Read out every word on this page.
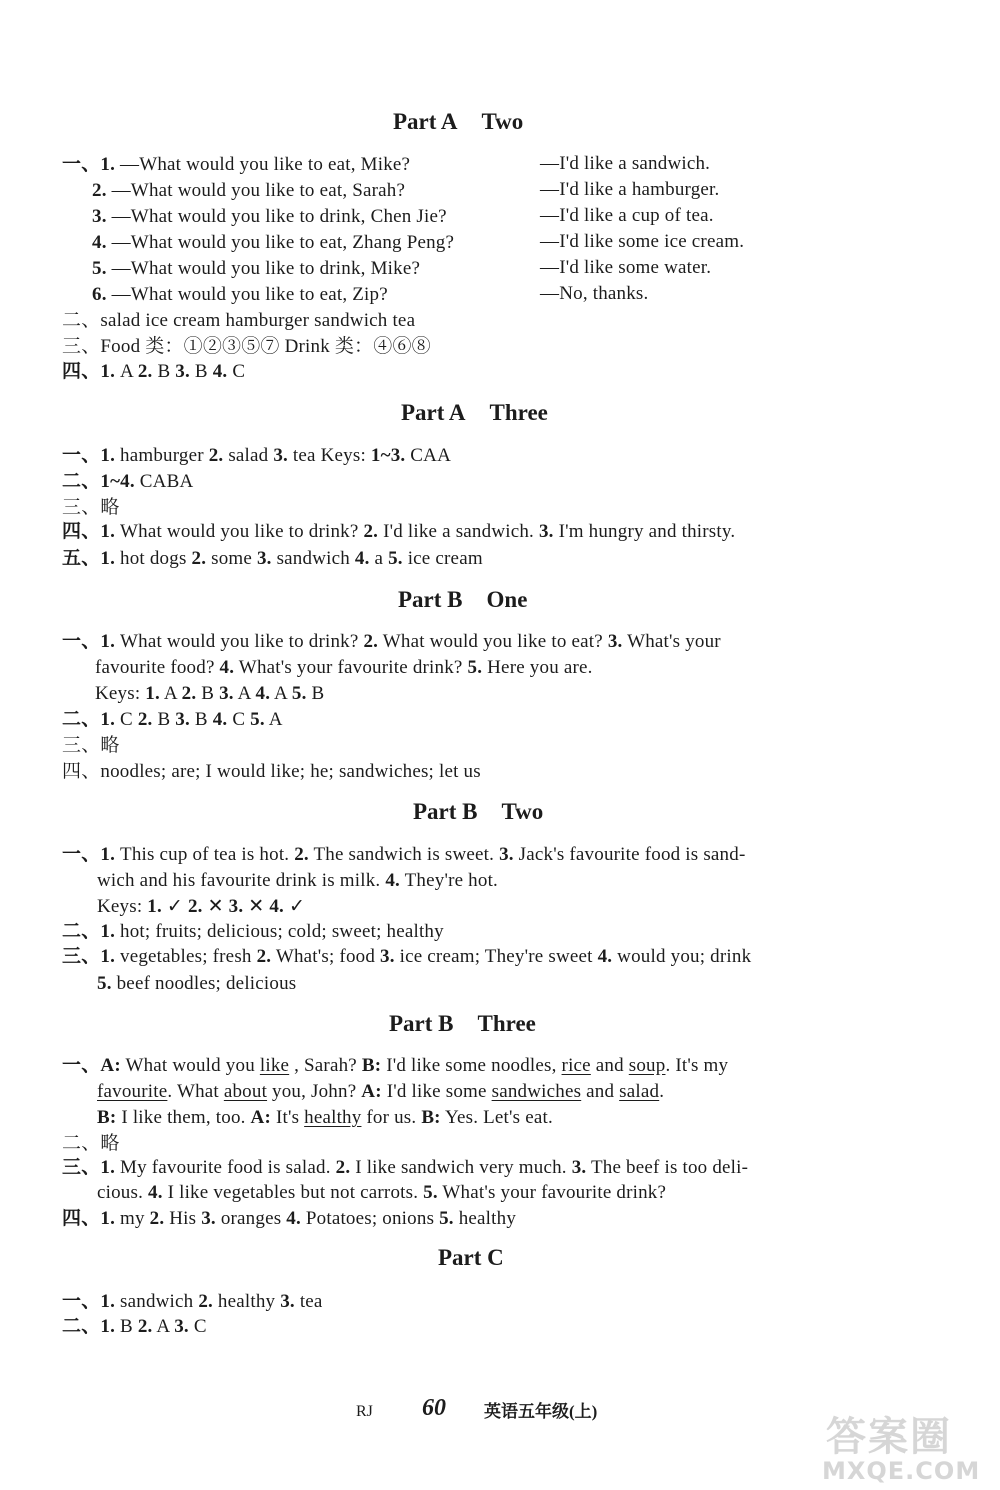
Part A Two
一、1. —What would you like to eat, Mike?	—I'd like a sandwich.
2. —What would you like to eat, Sarah?	—I'd like a hamburger.
3. —What would you like to drink, Chen Jie?	—I'd like a cup of tea.
4. —What would you like to eat, Zhang Peng?	—I'd like some ice cream.
5. —What would you like to drink, Mike?	—I'd like some water.
6. —What would you like to eat, Zip?	—No, thanks.
二、salad ice cream hamburger sandwich tea
三、Food 类：①②③⑤⑦ Drink 类：④⑥⑧
四、1. A 2. B 3. B 4. C
Part A Three
一、1. hamburger 2. salad 3. tea Keys: 1~3. CAA
二、1~4. CABA
三、略
四、1. What would you like to drink? 2. I'd like a sandwich. 3. I'm hungry and thirsty.
五、1. hot dogs 2. some 3. sandwich 4. a 5. ice cream
Part B One
一、1. What would you like to drink? 2. What would you like to eat? 3. What's your
favourite food? 4. What's your favourite drink? 5. Here you are.
Keys: 1. A 2. B 3. A 4. A 5. B
二、1. C 2. B 3. B 4. C 5. A
三、略
四、noodles; are; I would like; he; sandwiches; let us
Part B Two
一、1. This cup of tea is hot. 2. The sandwich is sweet. 3. Jack's favourite food is sand-
wich and his favourite drink is milk. 4. They're hot.
Keys: 1. ✓ 2. ✕ 3. ✕ 4. ✓
二、1. hot; fruits; delicious; cold; sweet; healthy
三、1. vegetables; fresh 2. What's; food 3. ice cream; They're sweet 4. would you; drink
5. beef noodles; delicious
Part B Three
一、A: What would you like , Sarah? B: I'd like some noodles, rice and soup. It's my
favourite. What about you, John? A: I'd like some sandwiches and salad.
B: I like them, too. A: It's healthy for us. B: Yes. Let's eat.
二、略
三、1. My favourite food is salad. 2. I like sandwich very much. 3. The beef is too deli-
cious. 4. I like vegetables but not carrots. 5. What's your favourite drink?
四、1. my 2. His 3. oranges 4. Potatoes; onions 5. healthy
Part C
一、1. sandwich 2. healthy 3. tea
二、1. B 2. A 3. C
RJ 60 英语五年级(上)
答案圈
MXQE.COM
